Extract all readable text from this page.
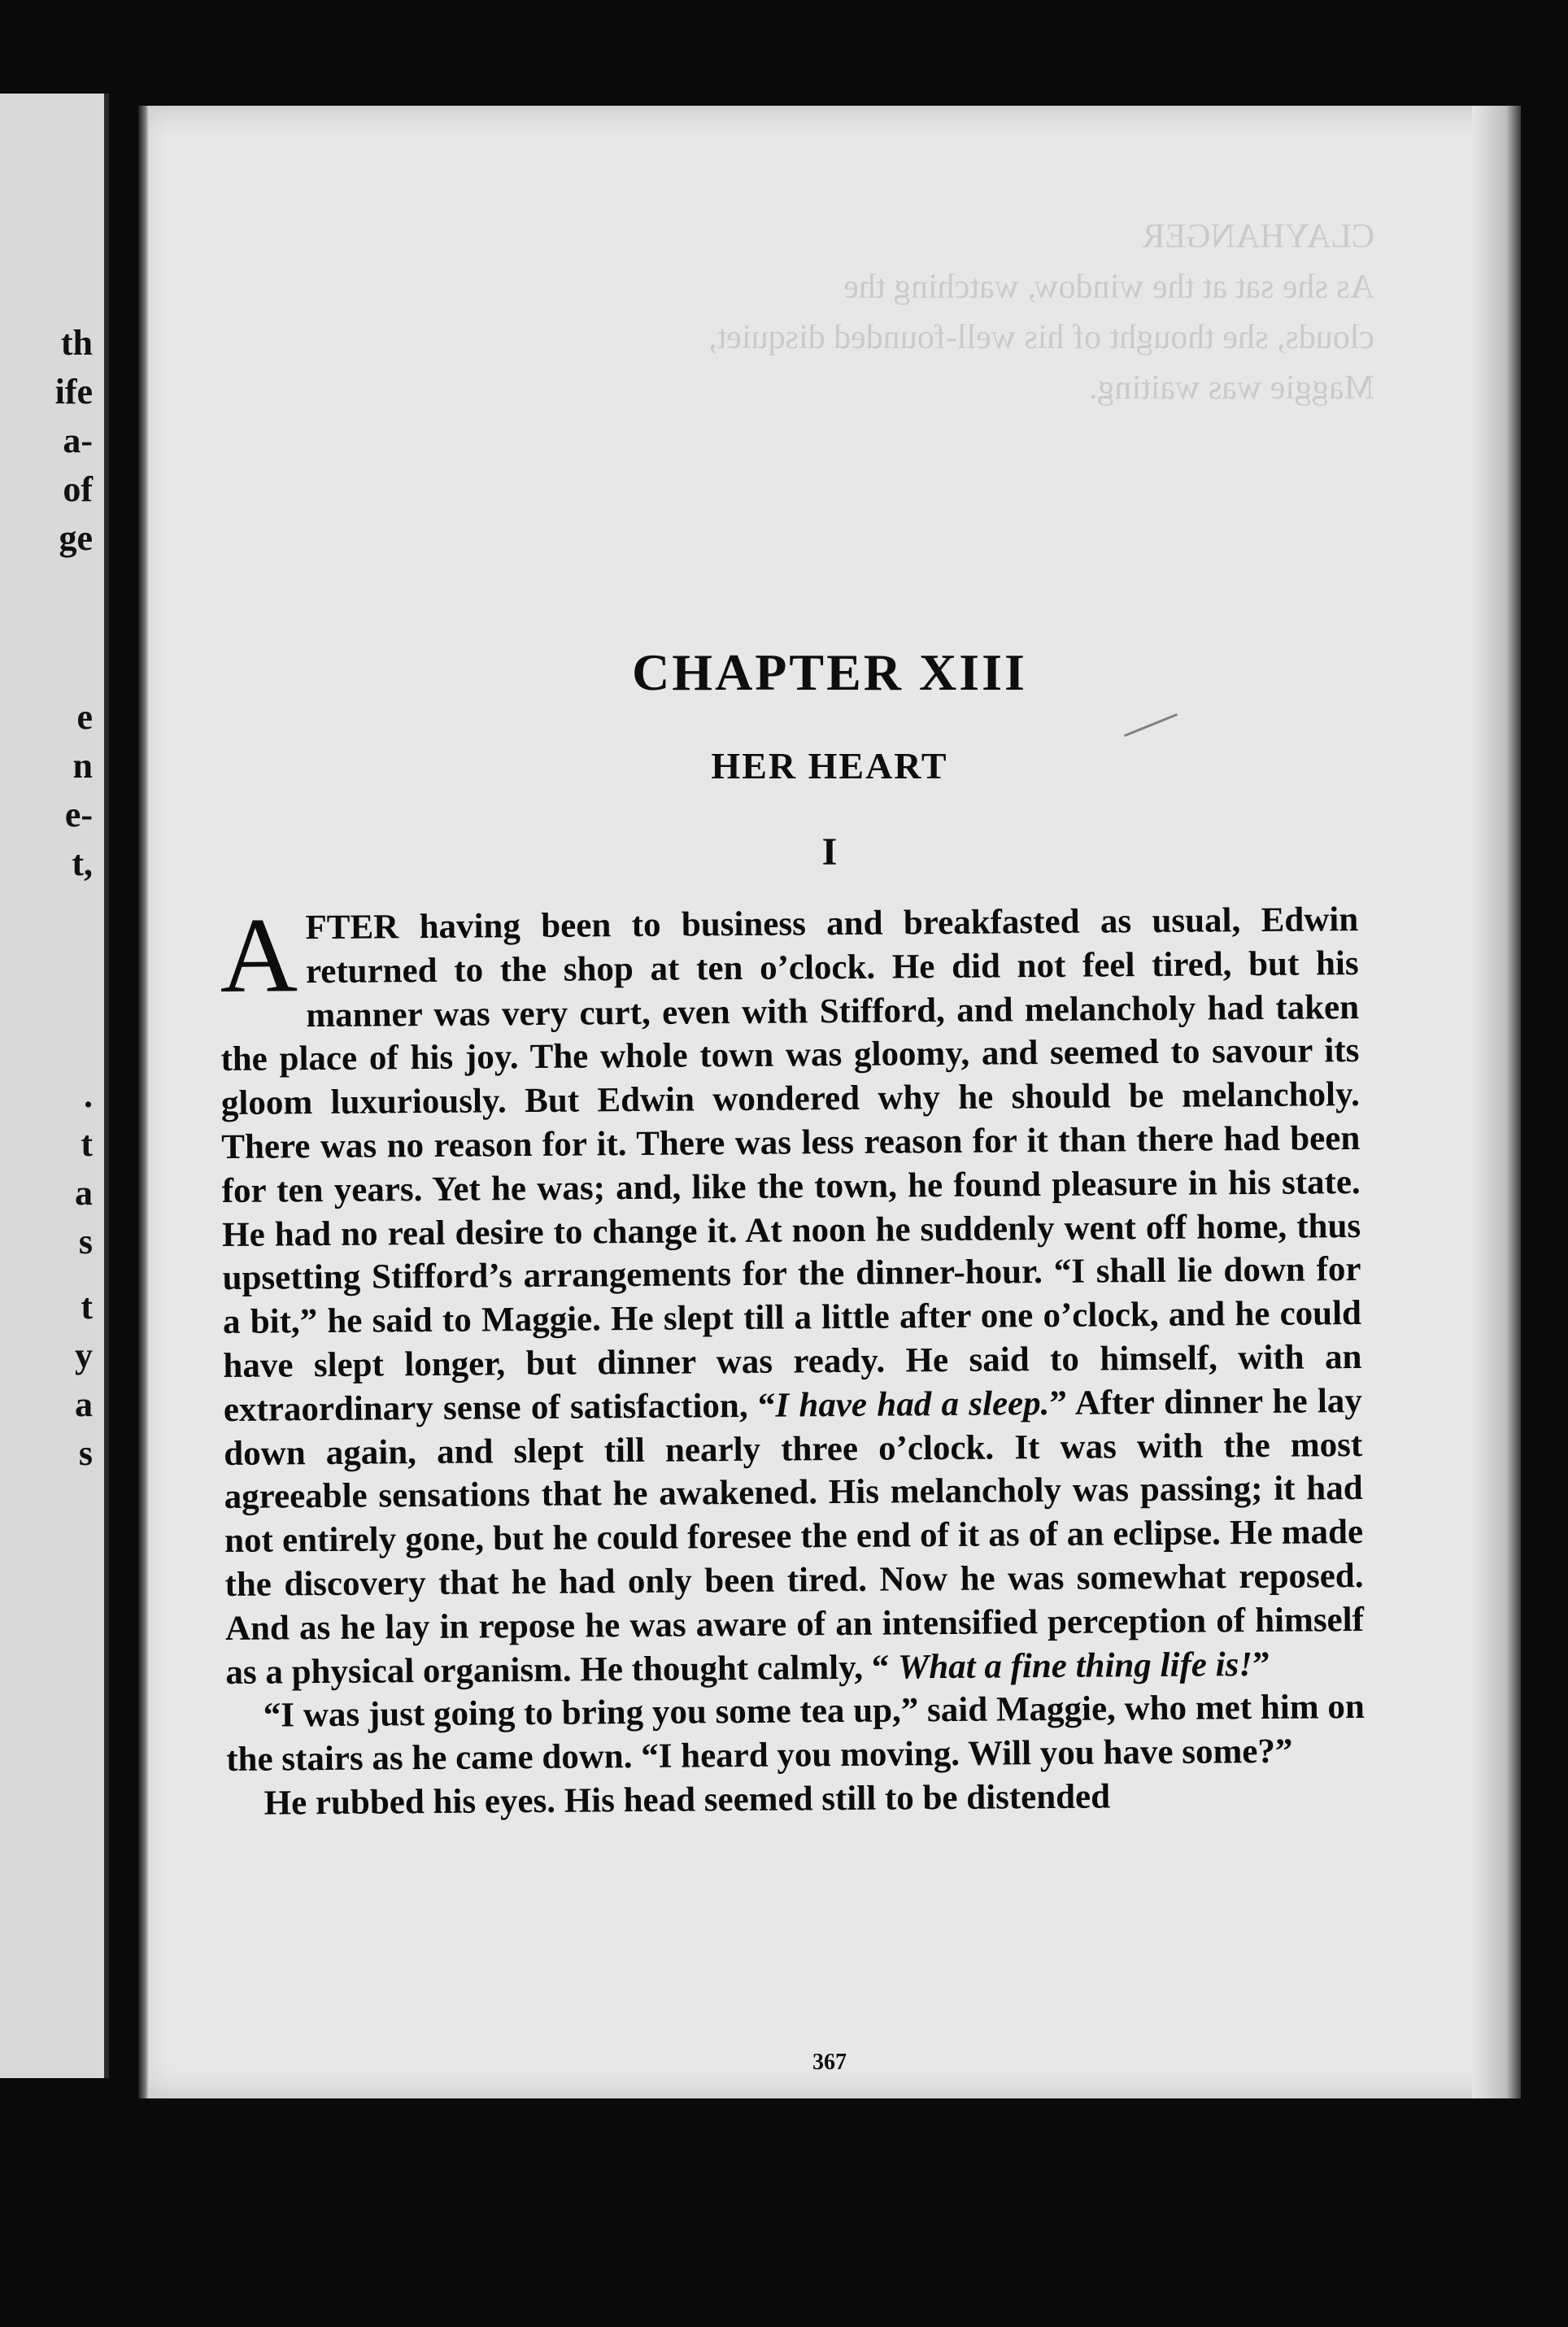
th
ife
a-
of
ge
e
n
e-
t,
.
t
a
s
t
y
a
s
CLAYHANGER
As she sat at the window, watching the
clouds, she thought of his well-founded disquiet,
Maggie was waiting.
CHAPTER XIII
HER HEART
I

AFTER having been to business and breakfasted as usual, Edwin returned to the shop at ten o’clock. He did not feel tired, but his manner was very curt, even with Stifford, and melancholy had taken the place of his joy. The whole town was gloomy, and seemed to savour its gloom luxuriously. But Edwin wondered why he should be melancholy. There was no reason for it. There was less reason for it than there had been for ten years. Yet he was; and, like the town, he found pleasure in his state. He had no real desire to change it. At noon he suddenly went off home, thus upsetting Stifford’s arrangements for the dinner-hour. “I shall lie down for a bit,” he said to Maggie. He slept till a little after one o’clock, and he could have slept longer, but dinner was ready. He said to himself, with an extraordinary sense of satisfaction, “I have had a sleep.” After dinner he lay down again, and slept till nearly three o’clock. It was with the most agreeable sensations that he awakened. His melancholy was passing; it had not entirely gone, but he could foresee the end of it as of an eclipse. He made the discovery that he had only been tired. Now he was somewhat reposed. And as he lay in repose he was aware of an intensified perception of himself as a physical organism. He thought calmly, “ What a fine thing life is!”

“I was just going to bring you some tea up,” said Maggie, who met him on the stairs as he came down. “I heard you moving. Will you have some?”

He rubbed his eyes. His head seemed still to be distended

367
